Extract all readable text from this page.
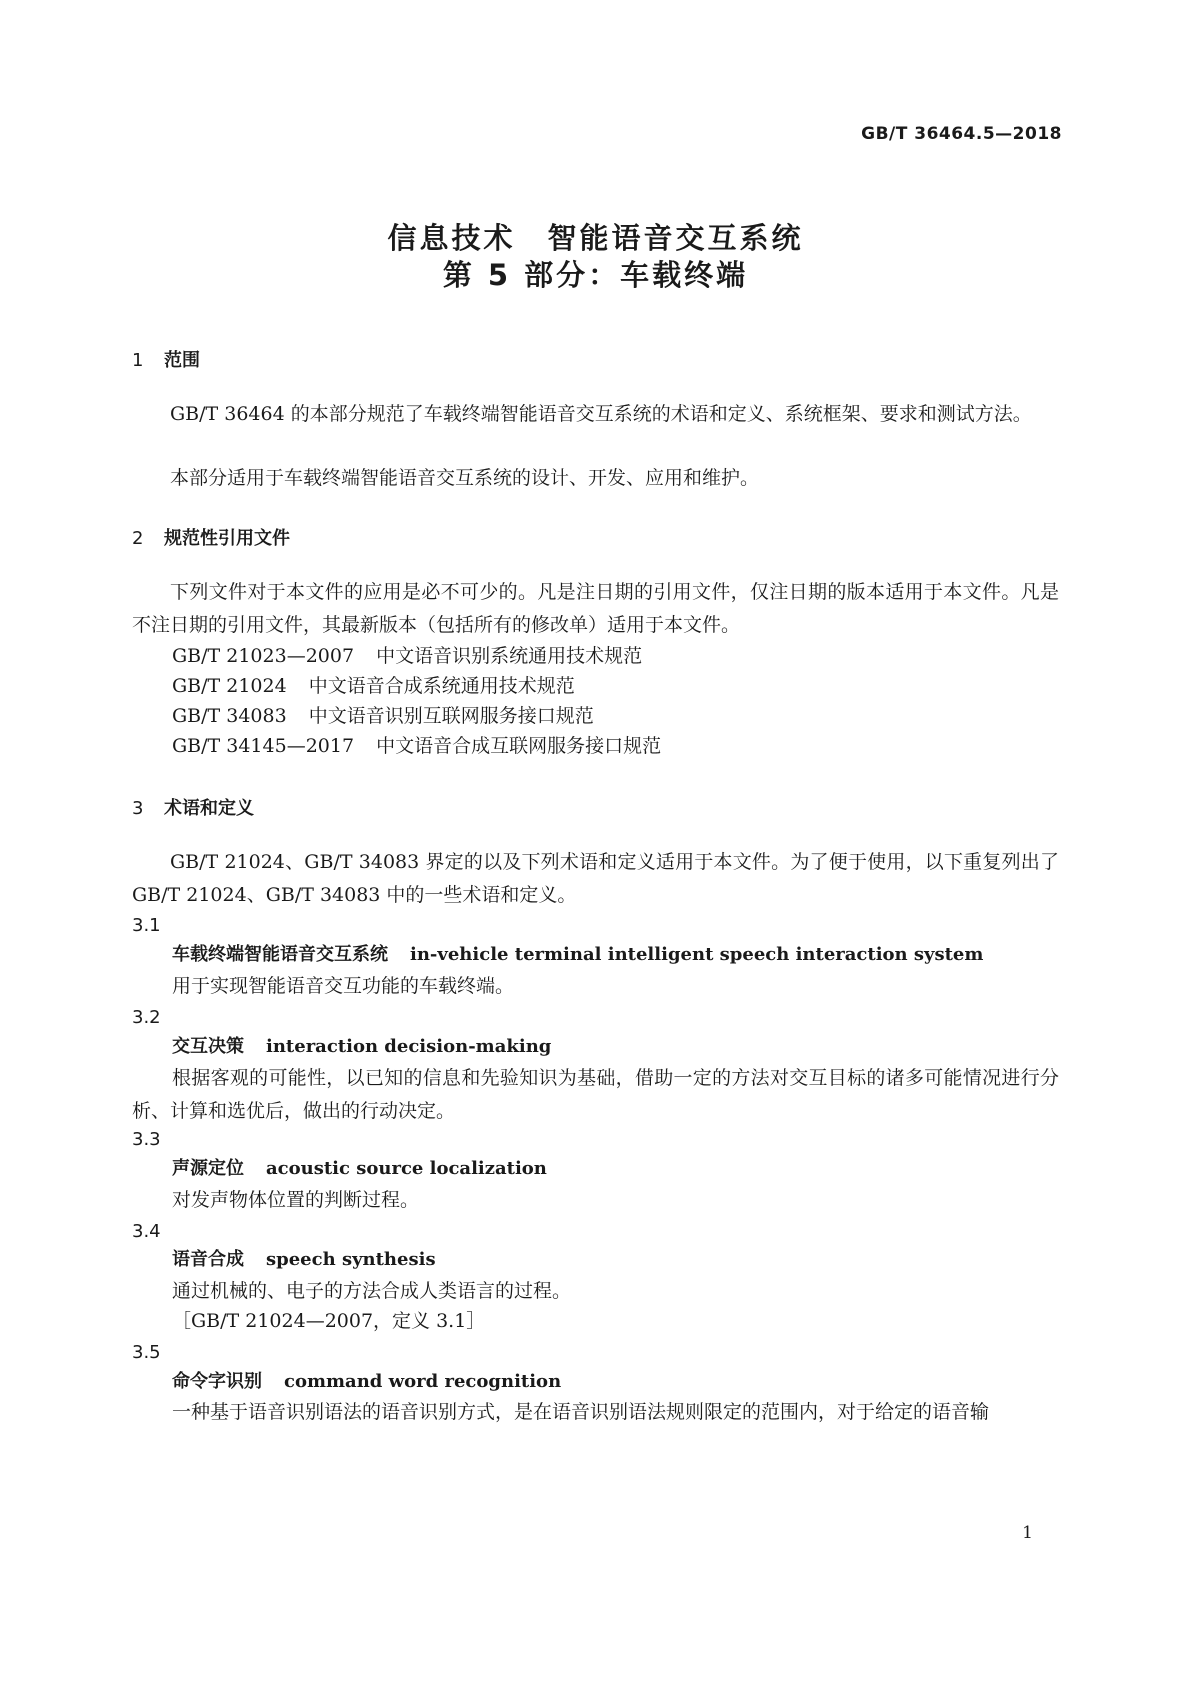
GB/T 36464.5—2018
信息技术　智能语音交互系统
第 5 部分：车载终端
1 范围
GB/T 36464 的本部分规范了车载终端智能语音交互系统的术语和定义、系统框架、要求和测试方法。
本部分适用于车载终端智能语音交互系统的设计、开发、应用和维护。
2 规范性引用文件
下列文件对于本文件的应用是必不可少的。凡是注日期的引用文件，仅注日期的版本适用于本文件。凡是不注日期的引用文件，其最新版本（包括所有的修改单）适用于本文件。
GB/T 21023—2007 中文语音识别系统通用技术规范
GB/T 21024 中文语音合成系统通用技术规范
GB/T 34083 中文语音识别互联网服务接口规范
GB/T 34145—2017 中文语音合成互联网服务接口规范
3 术语和定义
GB/T 21024、GB/T 34083 界定的以及下列术语和定义适用于本文件。为了便于使用，以下重复列出了 GB/T 21024、GB/T 34083 中的一些术语和定义。
3.1
车载终端智能语音交互系统 in-vehicle terminal intelligent speech interaction system
用于实现智能语音交互功能的车载终端。
3.2
交互决策 interaction decision-making
根据客观的可能性，以已知的信息和先验知识为基础，借助一定的方法对交互目标的诸多可能情况进行分析、计算和选优后，做出的行动决定。
3.3
声源定位 acoustic source localization
对发声物体位置的判断过程。
3.4
语音合成 speech synthesis
通过机械的、电子的方法合成人类语言的过程。
［GB/T 21024—2007，定义 3.1］
3.5
命令字识别 command word recognition
一种基于语音识别语法的语音识别方式，是在语音识别语法规则限定的范围内，对于给定的语音输
1
